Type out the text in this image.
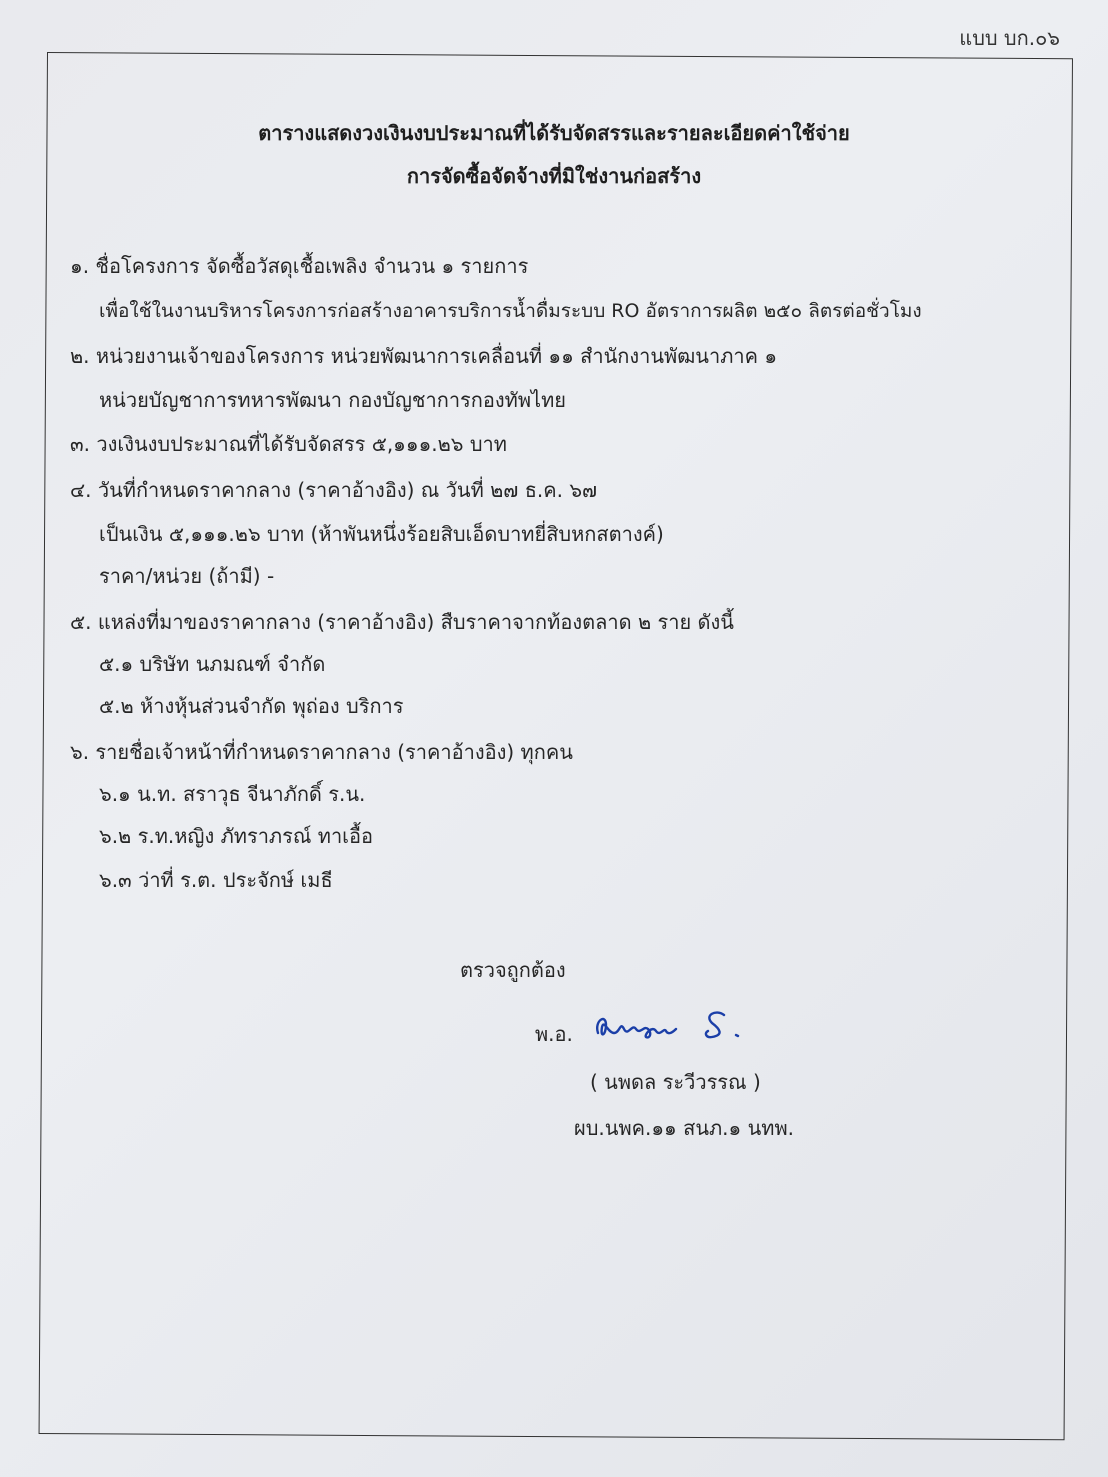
แบบ บก.๐๖
ตารางแสดงวงเงินงบประมาณที่ได้รับจัดสรรและรายละเอียดค่าใช้จ่าย
การจัดซื้อจัดจ้างที่มิใช่งานก่อสร้าง
๑. ชื่อโครงการ จัดซื้อวัสดุเชื้อเพลิง จำนวน ๑ รายการ
เพื่อใช้ในงานบริหารโครงการก่อสร้างอาคารบริการน้ำดื่มระบบ RO อัตราการผลิต ๒๕๐ ลิตรต่อชั่วโมง
๒. หน่วยงานเจ้าของโครงการ หน่วยพัฒนาการเคลื่อนที่ ๑๑ สำนักงานพัฒนาภาค ๑
หน่วยบัญชาการทหารพัฒนา กองบัญชาการกองทัพไทย
๓. วงเงินงบประมาณที่ได้รับจัดสรร ๕,๑๑๑.๒๖ บาท
๔. วันที่กำหนดราคากลาง (ราคาอ้างอิง) ณ วันที่ ๒๗ ธ.ค. ๖๗
เป็นเงิน ๕,๑๑๑.๒๖ บาท (ห้าพันหนึ่งร้อยสิบเอ็ดบาทยี่สิบหกสตางค์)
ราคา/หน่วย (ถ้ามี) -
๕. แหล่งที่มาของราคากลาง (ราคาอ้างอิง) สืบราคาจากท้องตลาด ๒ ราย ดังนี้
๕.๑ บริษัท นภมณฑ์ จำกัด
๕.๒ ห้างหุ้นส่วนจำกัด พุถ่อง บริการ
๖. รายชื่อเจ้าหน้าที่กำหนดราคากลาง (ราคาอ้างอิง) ทุกคน
๖.๑ น.ท. สราวุธ จีนาภักดิ์ ร.น.
๖.๒ ร.ท.หญิง ภัทราภรณ์ ทาเอื้อ
๖.๓ ว่าที่ ร.ต. ประจักษ์ เมธี
ตรวจถูกต้อง
พ.อ.
( นพดล ระวีวรรณ )
ผบ.นพค.๑๑ สนภ.๑ นทพ.
